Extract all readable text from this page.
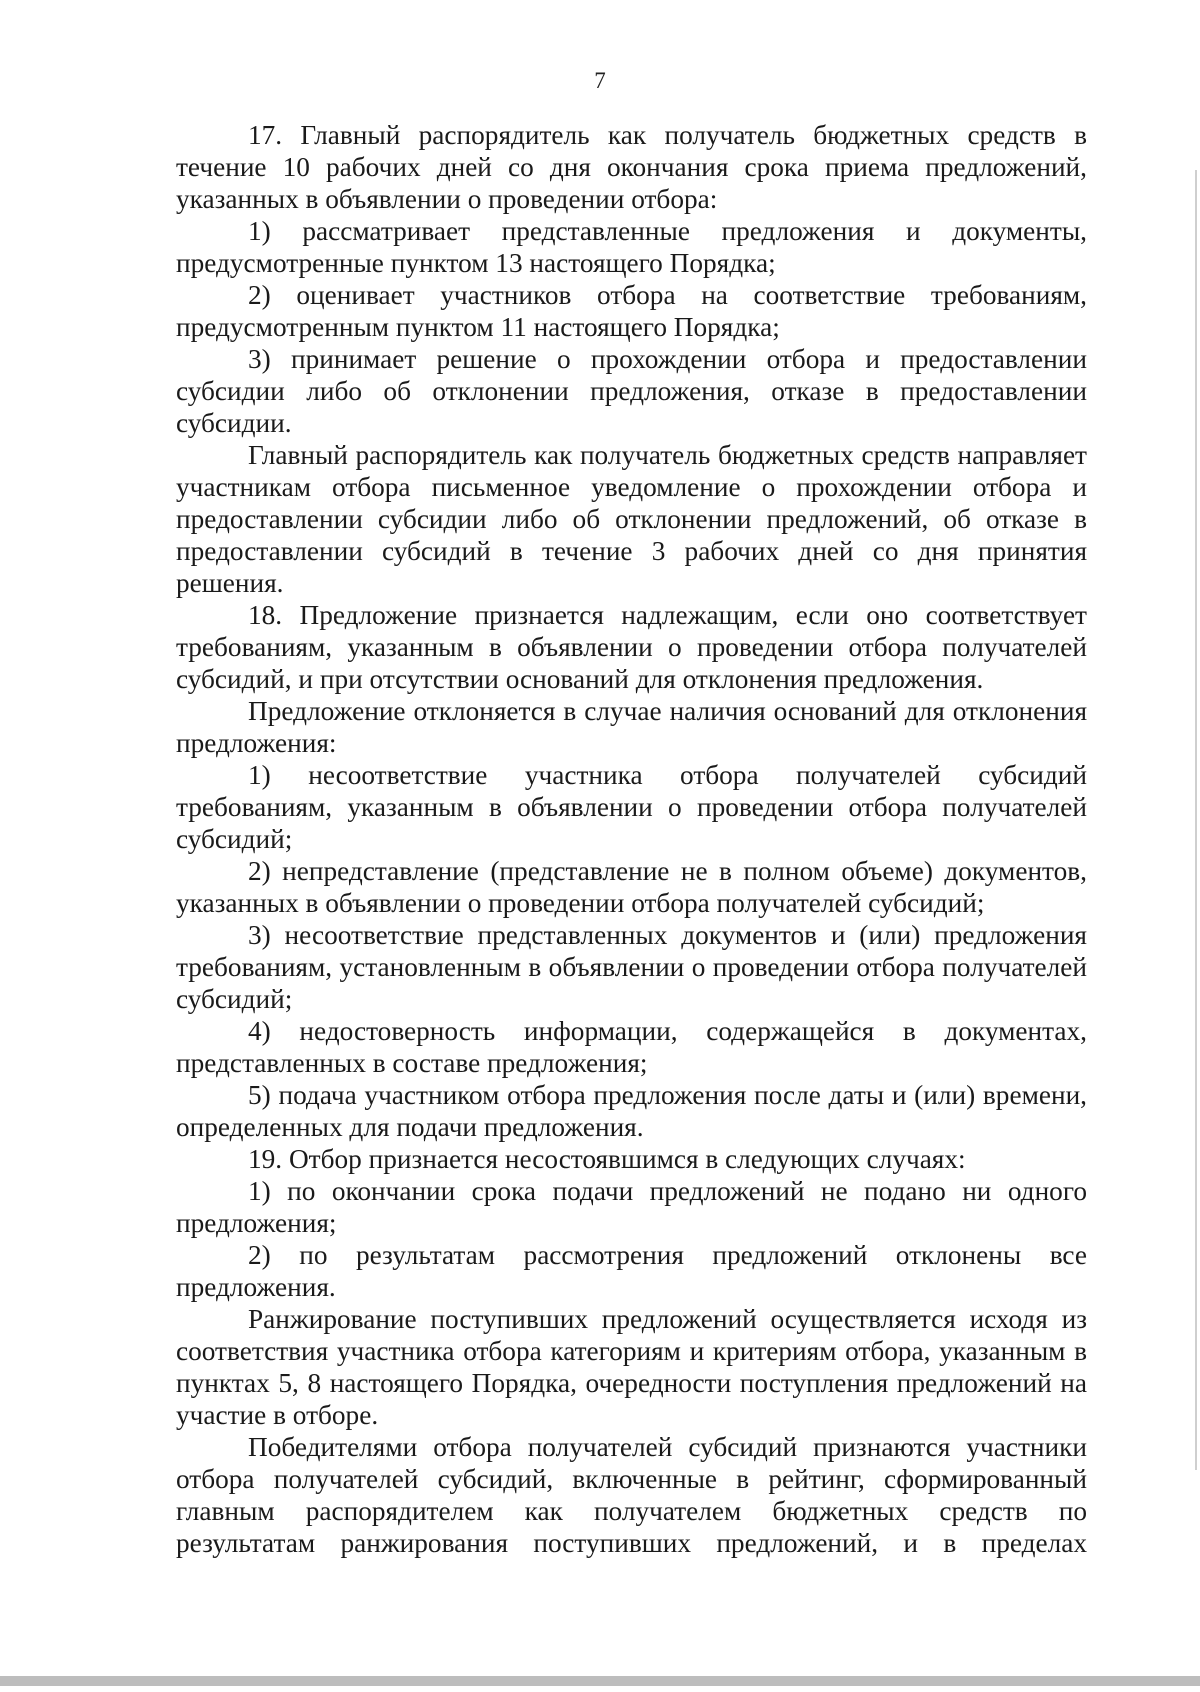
7

17. Главный распорядитель как получатель бюджетных средств в течение 10 рабочих дней со дня окончания срока приема предложений, указанных в объявлении о проведении отбора:

1) рассматривает представленные предложения и документы, предусмотренные пунктом 13 настоящего Порядка;

2) оценивает участников отбора на соответствие требованиям, предусмотренным пунктом 11 настоящего Порядка;

3) принимает решение о прохождении отбора и предоставлении субсидии либо об отклонении предложения, отказе в предоставлении субсидии.

Главный распорядитель как получатель бюджетных средств направляет участникам отбора письменное уведомление о прохождении отбора и предоставлении субсидии либо об отклонении предложений, об отказе в предоставлении субсидий в течение 3 рабочих дней со дня принятия решения.

18. Предложение признается надлежащим, если оно соответствует требованиям, указанным в объявлении о проведении отбора получателей субсидий, и при отсутствии оснований для отклонения предложения.

Предложение отклоняется в случае наличия оснований для отклонения предложения:

1) несоответствие участника отбора получателей субсидий требованиям, указанным в объявлении о проведении отбора получателей субсидий;

2) непредставление (представление не в полном объеме) документов, указанных в объявлении о проведении отбора получателей субсидий;

3) несоответствие представленных документов и (или) предложения требованиям, установленным в объявлении о проведении отбора получателей субсидий;

4) недостоверность информации, содержащейся в документах, представленных в составе предложения;

5) подача участником отбора предложения после даты и (или) времени, определенных для подачи предложения.

19. Отбор признается несостоявшимся в следующих случаях:

1) по окончании срока подачи предложений не подано ни одного предложения;

2) по результатам рассмотрения предложений отклонены все предложения.

Ранжирование поступивших предложений осуществляется исходя из соответствия участника отбора категориям и критериям отбора, указанным в пунктах 5, 8 настоящего Порядка, очередности поступления предложений на участие в отборе.

Победителями отбора получателей субсидий признаются участники отбора получателей субсидий, включенные в рейтинг, сформированный главным распорядителем как получателем бюджетных средств по результатам ранжирования поступивших предложений, и в пределах
